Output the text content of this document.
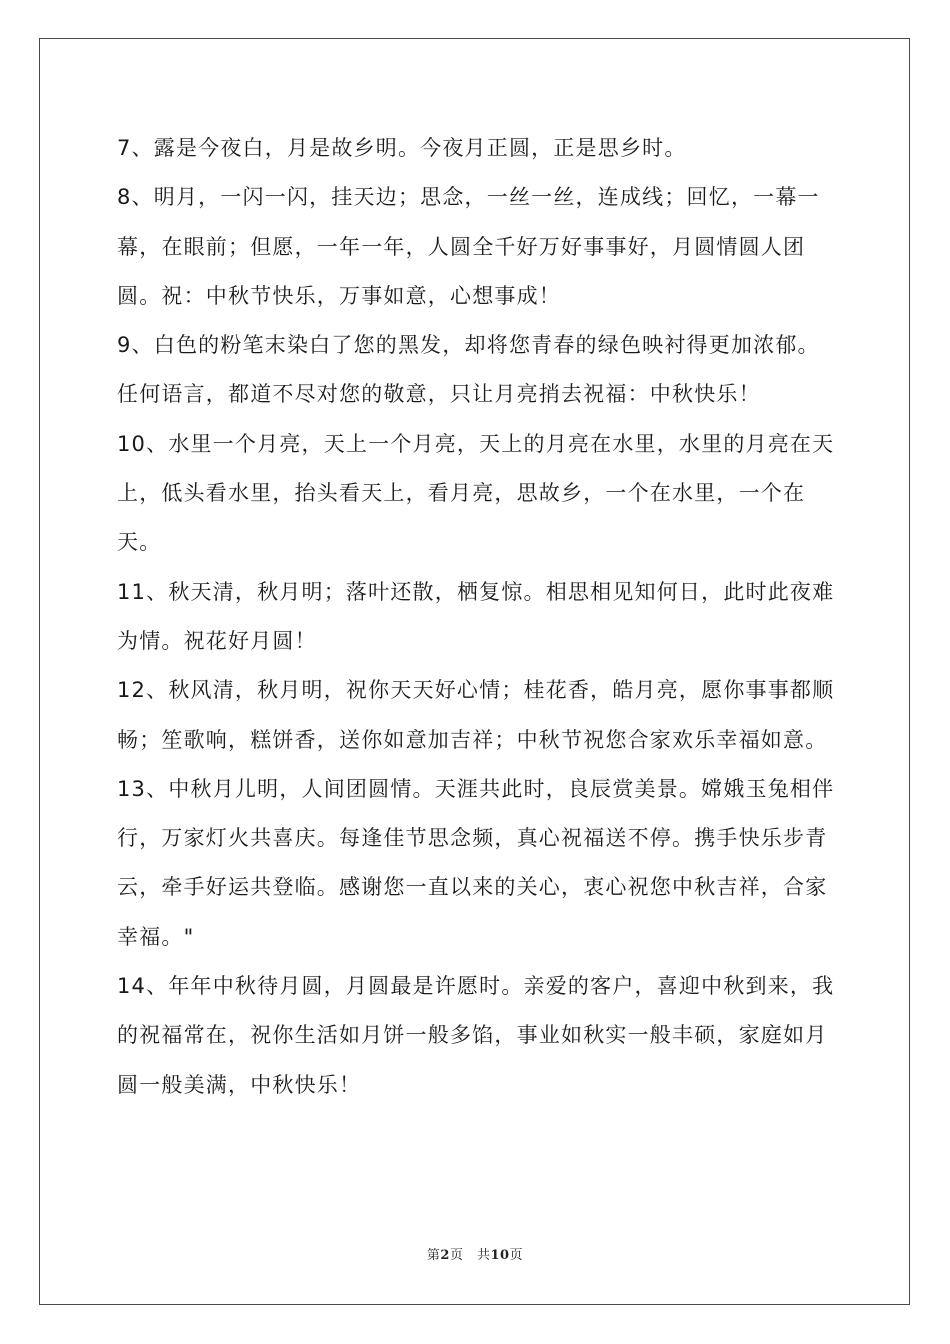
7、露是今夜白，月是故乡明。今夜月正圆，正是思乡时。

8、明月，一闪一闪，挂天边；思念，一丝一丝，连成线；回忆，一幕一幕，在眼前；但愿，一年一年，人圆全千好万好事事好，月圆情圆人团圆。祝：中秋节快乐，万事如意，心想事成！

9、白色的粉笔末染白了您的黑发，却将您青春的绿色映衬得更加浓郁。任何语言，都道不尽对您的敬意，只让月亮捎去祝福：中秋快乐！

10、水里一个月亮，天上一个月亮，天上的月亮在水里，水里的月亮在天上，低头看水里，抬头看天上，看月亮，思故乡，一个在水里，一个在天。

11、秋天清，秋月明；落叶还散，栖复惊。相思相见知何日，此时此夜难为情。祝花好月圆！

12、秋风清，秋月明，祝你天天好心情；桂花香，皓月亮，愿你事事都顺畅；笙歌响，糕饼香，送你如意加吉祥；中秋节祝您合家欢乐幸福如意。

13、中秋月儿明，人间团圆情。天涯共此时，良辰赏美景。嫦娥玉兔相伴行，万家灯火共喜庆。每逢佳节思念频，真心祝福送不停。携手快乐步青云，牵手好运共登临。感谢您一直以来的关心，衷心祝您中秋吉祥，合家幸福。"

14、年年中秋待月圆，月圆最是许愿时。亲爱的客户，喜迎中秋到来，我的祝福常在，祝你生活如月饼一般多馅，事业如秋实一般丰硕，家庭如月圆一般美满，中秋快乐！

第2页　共10页
